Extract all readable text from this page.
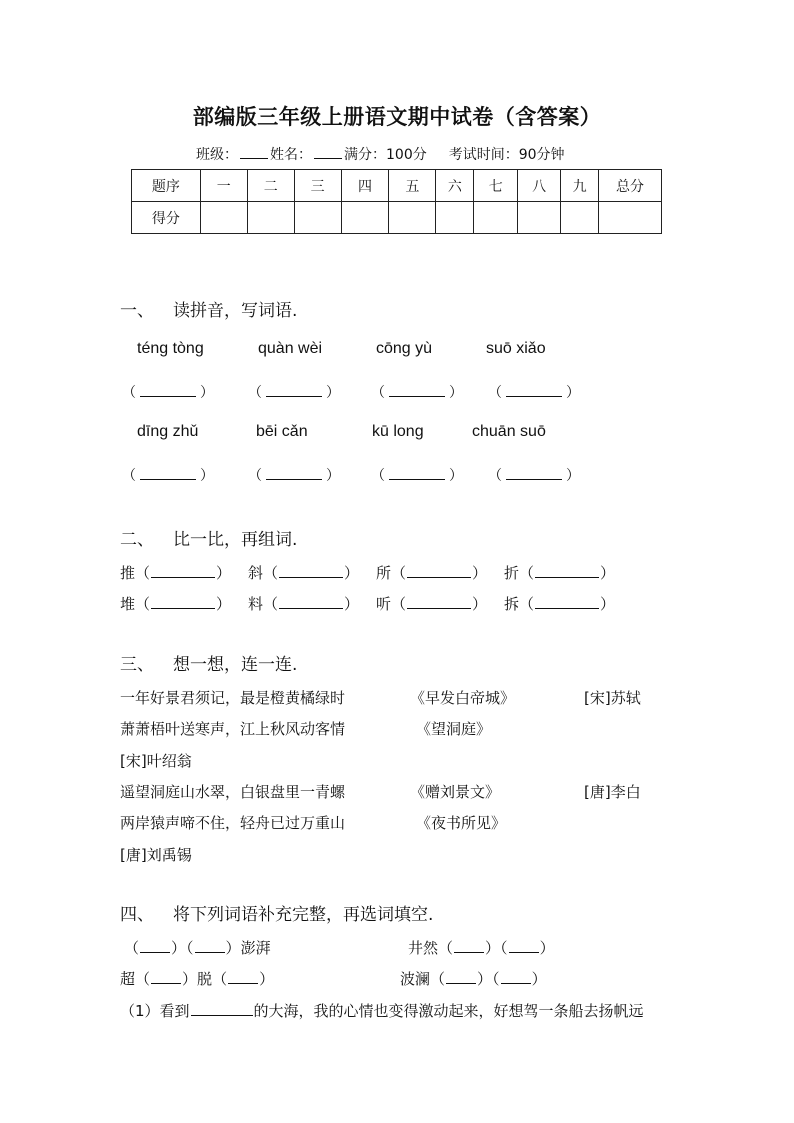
部编版三年级上册语文期中试卷（含答案）
班级： 姓名： 满分：100分 考试时间：90分钟
题序	一	二	三	四	五	六	七	八	九	总分
得分										
一、 读拼音，写词语.
téng tòng	quàn wèi	cōng yù	suō xiǎo
（	） （	） （	） （	）
dīng zhǔ	bēi cǎn	kū long	chuān suō
（	） （	） （	） （	）
二、 比一比，再组词.
推（	） 斜（	） 所（	） 折（	）
堆（	） 料（	） 听（	） 拆（	）
三、 想一想，连一连.
一年好景君须记，最是橙黄橘绿时	《早发白帝城》	[宋]苏轼
萧萧梧叶送寒声，江上秋风动客情	《望洞庭》
[宋]叶绍翁
遥望洞庭山水翠，白银盘里一青螺	《赠刘景文》	[唐]李白
两岸猿声啼不住，轻舟已过万重山	《夜书所见》
[唐]刘禹锡
四、 将下列词语补充完整，再选词填空.
（ ）（ ）澎湃	井然（ ）（ ）
超（ ）脱（ ）	波澜（ ）（ ）
（1）看到	的大海，我的心情也变得激动起来，好想驾一条船去扬帆远
